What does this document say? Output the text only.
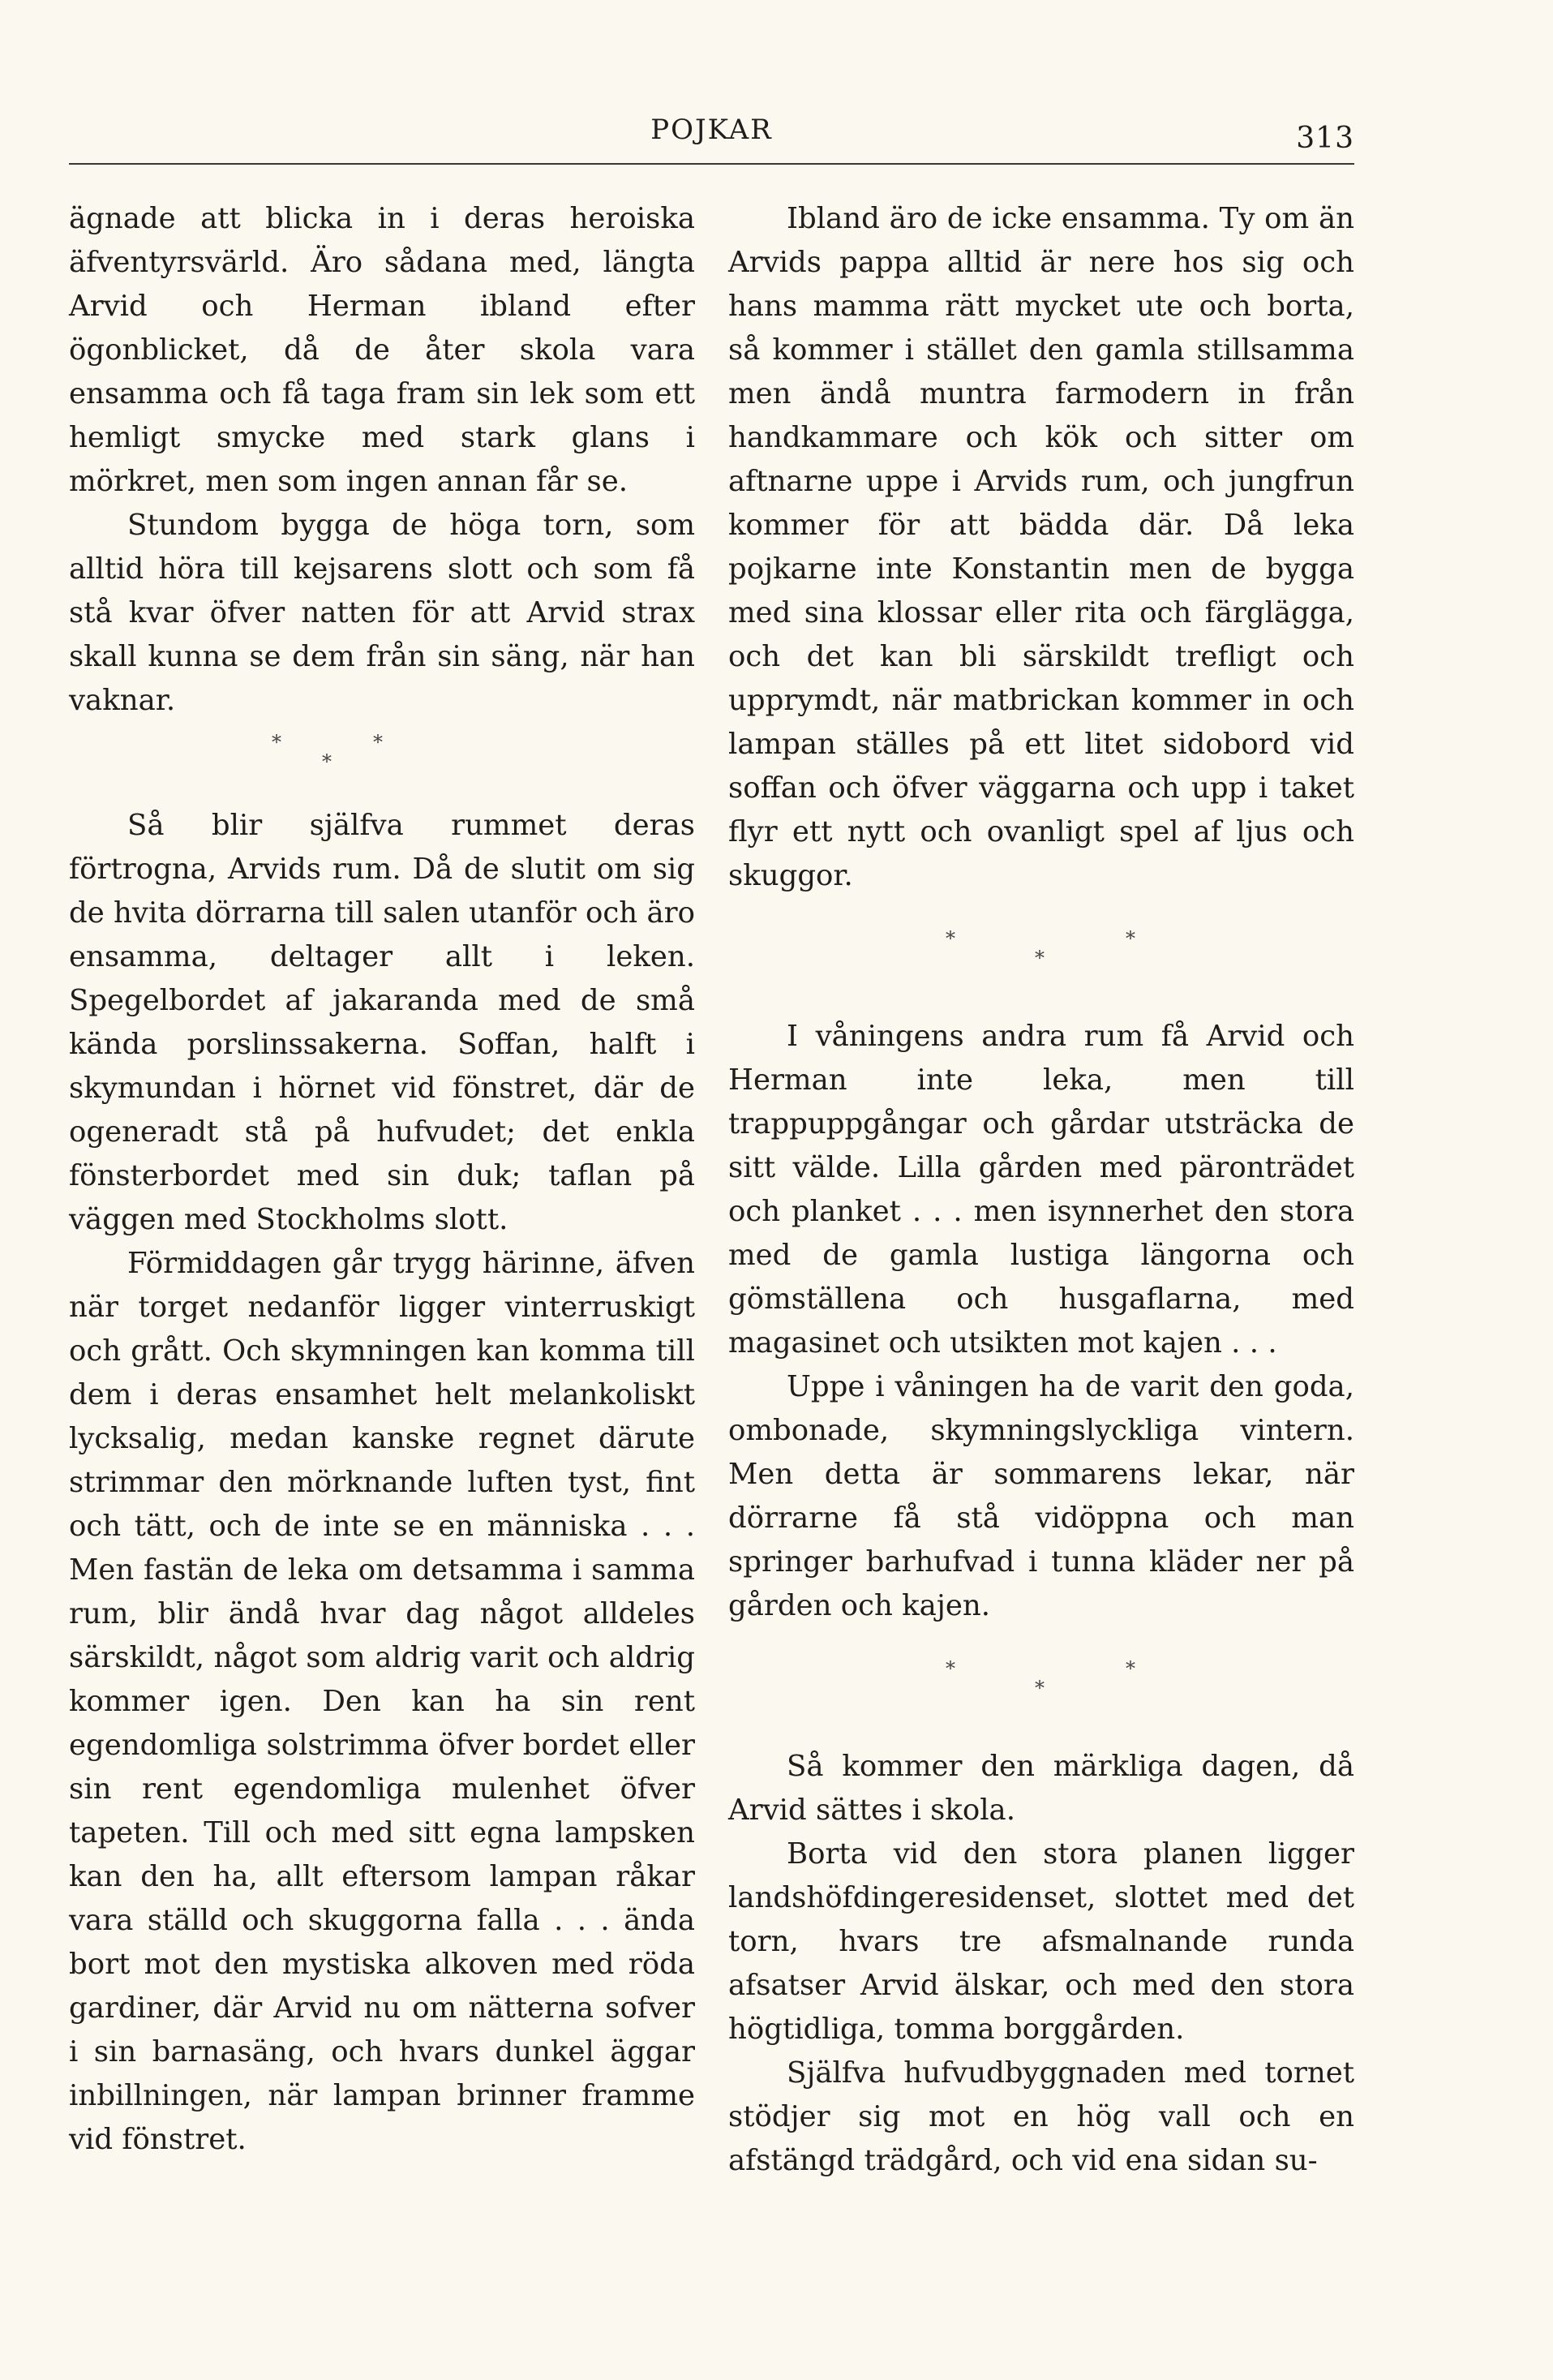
POJKAR	313

ägnade att blicka in i deras heroiska äfventyrsvärld. Äro sådana med, längta Arvid och Herman ibland efter ögonblicket, då de åter skola vara ensamma och få taga fram sin lek som ett hemligt smycke med stark glans i mörkret, men som ingen annan får se.

Stundom bygga de höga torn, som alltid höra till kejsarens slott och som få stå kvar öfver natten för att Arvid strax skall kunna se dem från sin säng, när han vaknar.

*	*
*

Så blir själfva rummet deras förtrogna, Arvids rum. Då de slutit om sig de hvita dörrarna till salen utanför och äro ensamma, deltager allt i leken. Spegelbordet af jakaranda med de små kända porslinssakerna. Soffan, halft i skymundan i hörnet vid fönstret, där de ogeneradt stå på hufvudet; det enkla fönsterbordet med sin duk; taflan på väggen med Stockholms slott.

Förmiddagen går trygg härinne, äfven när torget nedanför ligger vinterruskigt och grått. Och skymningen kan komma till dem i deras ensamhet helt melankoliskt lycksalig, medan kanske regnet därute strimmar den mörknande luften tyst, fint och tätt, och de inte se en människa . . . Men fastän de leka om detsamma i samma rum, blir ändå hvar dag något alldeles särskildt, något som aldrig varit och aldrig kommer igen. Den kan ha sin rent egendomliga solstrimma öfver bordet eller sin rent egendomliga mulenhet öfver tapeten. Till och med sitt egna lampsken kan den ha, allt eftersom lampan råkar vara ställd och skuggorna falla . . . ända bort mot den mystiska alkoven med röda gardiner, där Arvid nu om nätterna sofver i sin barnasäng, och hvars dunkel äggar inbillningen, när lampan brinner framme vid fönstret.

Ibland äro de icke ensamma. Ty om än Arvids pappa alltid är nere hos sig och hans mamma rätt mycket ute och borta, så kommer i stället den gamla stillsamma men ändå muntra farmodern in från handkammare och kök och sitter om aftnarne uppe i Arvids rum, och jungfrun kommer för att bädda där. Då leka pojkarne inte Konstantin men de bygga med sina klossar eller rita och färglägga, och det kan bli särskildt trefligt och upprymdt, när matbrickan kommer in och lampan ställes på ett litet sidobord vid soffan och öfver väggarna och upp i taket flyr ett nytt och ovanligt spel af ljus och skuggor.

*	*
*

I våningens andra rum få Arvid och Herman inte leka, men till trappuppgångar och gårdar utsträcka de sitt välde. Lilla gården med päronträdet och planket . . . men isynnerhet den stora med de gamla lustiga längorna och gömställena och husgaflarna, med magasinet och utsikten mot kajen . . .

Uppe i våningen ha de varit den goda, ombonade, skymningslyckliga vintern. Men detta är sommarens lekar, när dörrarne få stå vidöppna och man springer barhufvad i tunna kläder ner på gården och kajen.

*	*
*

Så kommer den märkliga dagen, då Arvid sättes i skola.

Borta vid den stora planen ligger landshöfdingeresidenset, slottet med det torn, hvars tre afsmalnande runda afsatser Arvid älskar, och med den stora högtidliga, tomma borggården.

Själfva hufvudbyggnaden med tornet stödjer sig mot en hög vall och en afstängd trädgård, och vid ena sidan su-
